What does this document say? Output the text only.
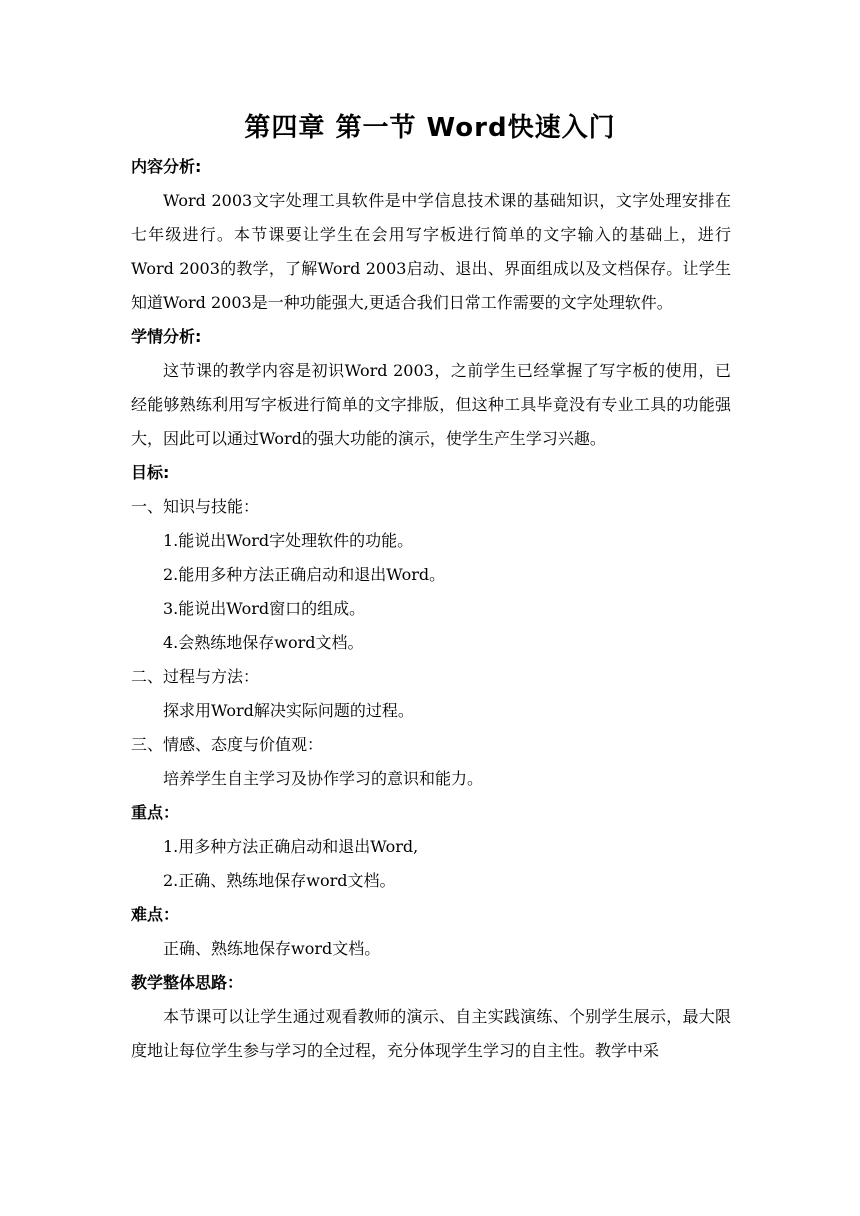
第四章 第一节 Word快速入门
内容分析:
Word 2003文字处理工具软件是中学信息技术课的基础知识，文字处理安排在七年级进行。本节课要让学生在会用写字板进行简单的文字输入的基础上，进行Word 2003的教学，了解Word 2003启动、退出、界面组成以及文档保存。让学生知道Word 2003是一种功能强大,更适合我们日常工作需要的文字处理软件。
学情分析:
这节课的教学内容是初识Word 2003，之前学生已经掌握了写字板的使用，已经能够熟练利用写字板进行简单的文字排版，但这种工具毕竟没有专业工具的功能强大，因此可以通过Word的强大功能的演示，使学生产生学习兴趣。
目标:
一、知识与技能：
1.能说出Word字处理软件的功能。
2.能用多种方法正确启动和退出Word。
3.能说出Word窗口的组成。
4.会熟练地保存word文档。
二、过程与方法：
探求用Word解决实际问题的过程。
三、情感、态度与价值观：
培养学生自主学习及协作学习的意识和能力。
重点：
1.用多种方法正确启动和退出Word,
2.正确、熟练地保存word文档。
难点：
正确、熟练地保存word文档。
教学整体思路：
本节课可以让学生通过观看教师的演示、自主实践演练、个别学生展示，最大限度地让每位学生参与学习的全过程，充分体现学生学习的自主性。教学中采
